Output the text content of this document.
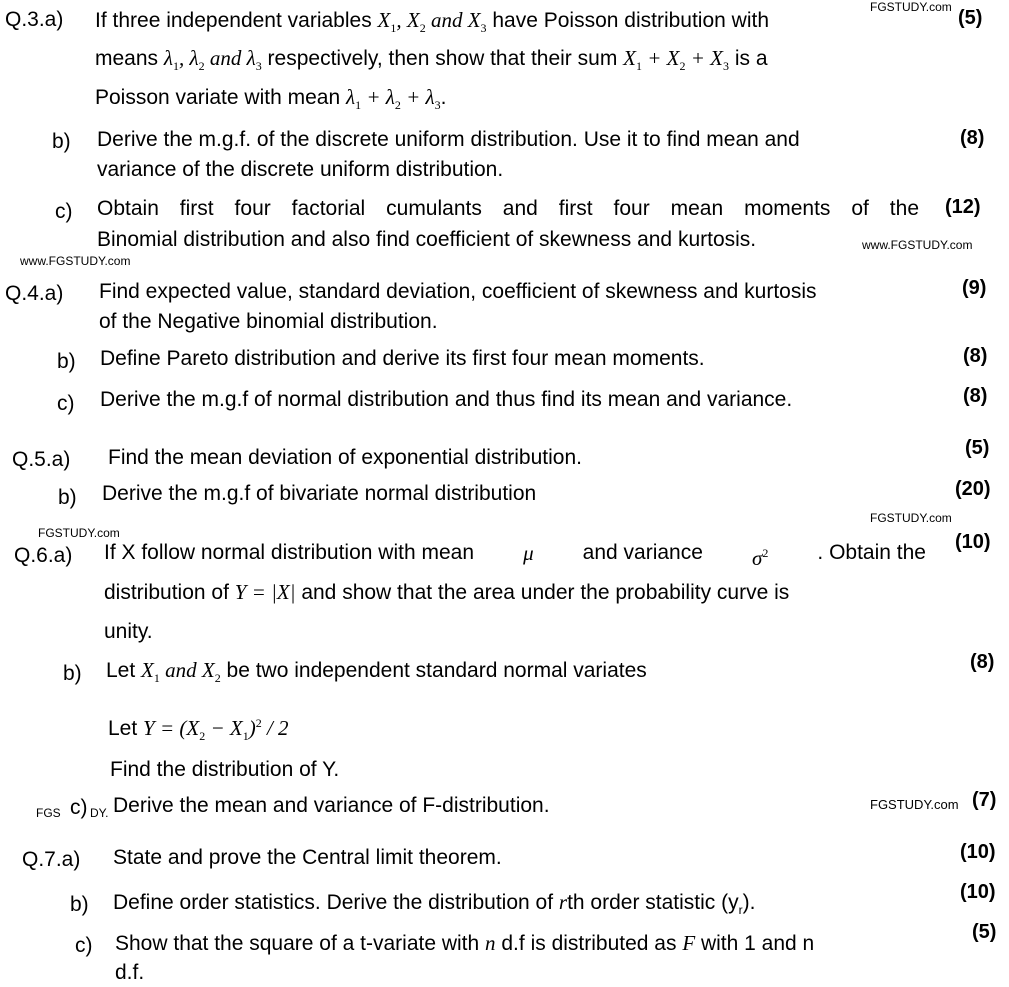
FGSTUDY.com
www.FGSTUDY.com
www.FGSTUDY.com
FGSTUDY.com
FGSTUDY.com
FGS DY.
FGSTUDY.com
Q.3.a) If three independent variables $X_1$, $X_2$ and $X_3$ have Poisson distribution with	(5)
means $\lambda_1$, $\lambda_2$ and $\lambda_3$ respectively, then show that their sum $X_1 + X_2 + X_3$ is a
Poisson variate with mean $\lambda_1 + \lambda_2 + \lambda_3$.
b) Derive the m.g.f. of the discrete uniform distribution. Use it to find mean and	(8)
variance of the discrete uniform distribution.
c) Obtain first four factorial cumulants and first four mean moments of the (12)
Binomial distribution and also find coefficient of skewness and kurtosis.
Q.4.a) Find expected value, standard deviation, coefficient of skewness and kurtosis	(9)
of the Negative binomial distribution.
b) Define Pareto distribution and derive its first four mean moments.	(8)
c) Derive the m.g.f of normal distribution and thus find its mean and variance.	(8)
Q.5.a) Find the mean deviation of exponential distribution.	(5)
b) Derive the m.g.f of bivariate normal distribution	(20)
Q.6.a) If X follow normal distribution with mean μ and variance $\sigma^2$ . Obtain the (10)
distribution of Y = |X| and show that the area under the probability curve is
unity.
b) Let $X_1$ and $X_2$ be two independent standard normal variates	(8)
Let $Y = (X_2 - X_1)^2 / 2$
Find the distribution of Y.
c) Derive the mean and variance of F-distribution.	(7)
Q.7.a) State and prove the Central limit theorem.	(10)
b) Define order statistics. Derive the distribution of rth order statistic $(y_r)$.	(10)
c) Show that the square of a t-variate with n d.f is distributed as F with 1 and n	(5)
d.f.
